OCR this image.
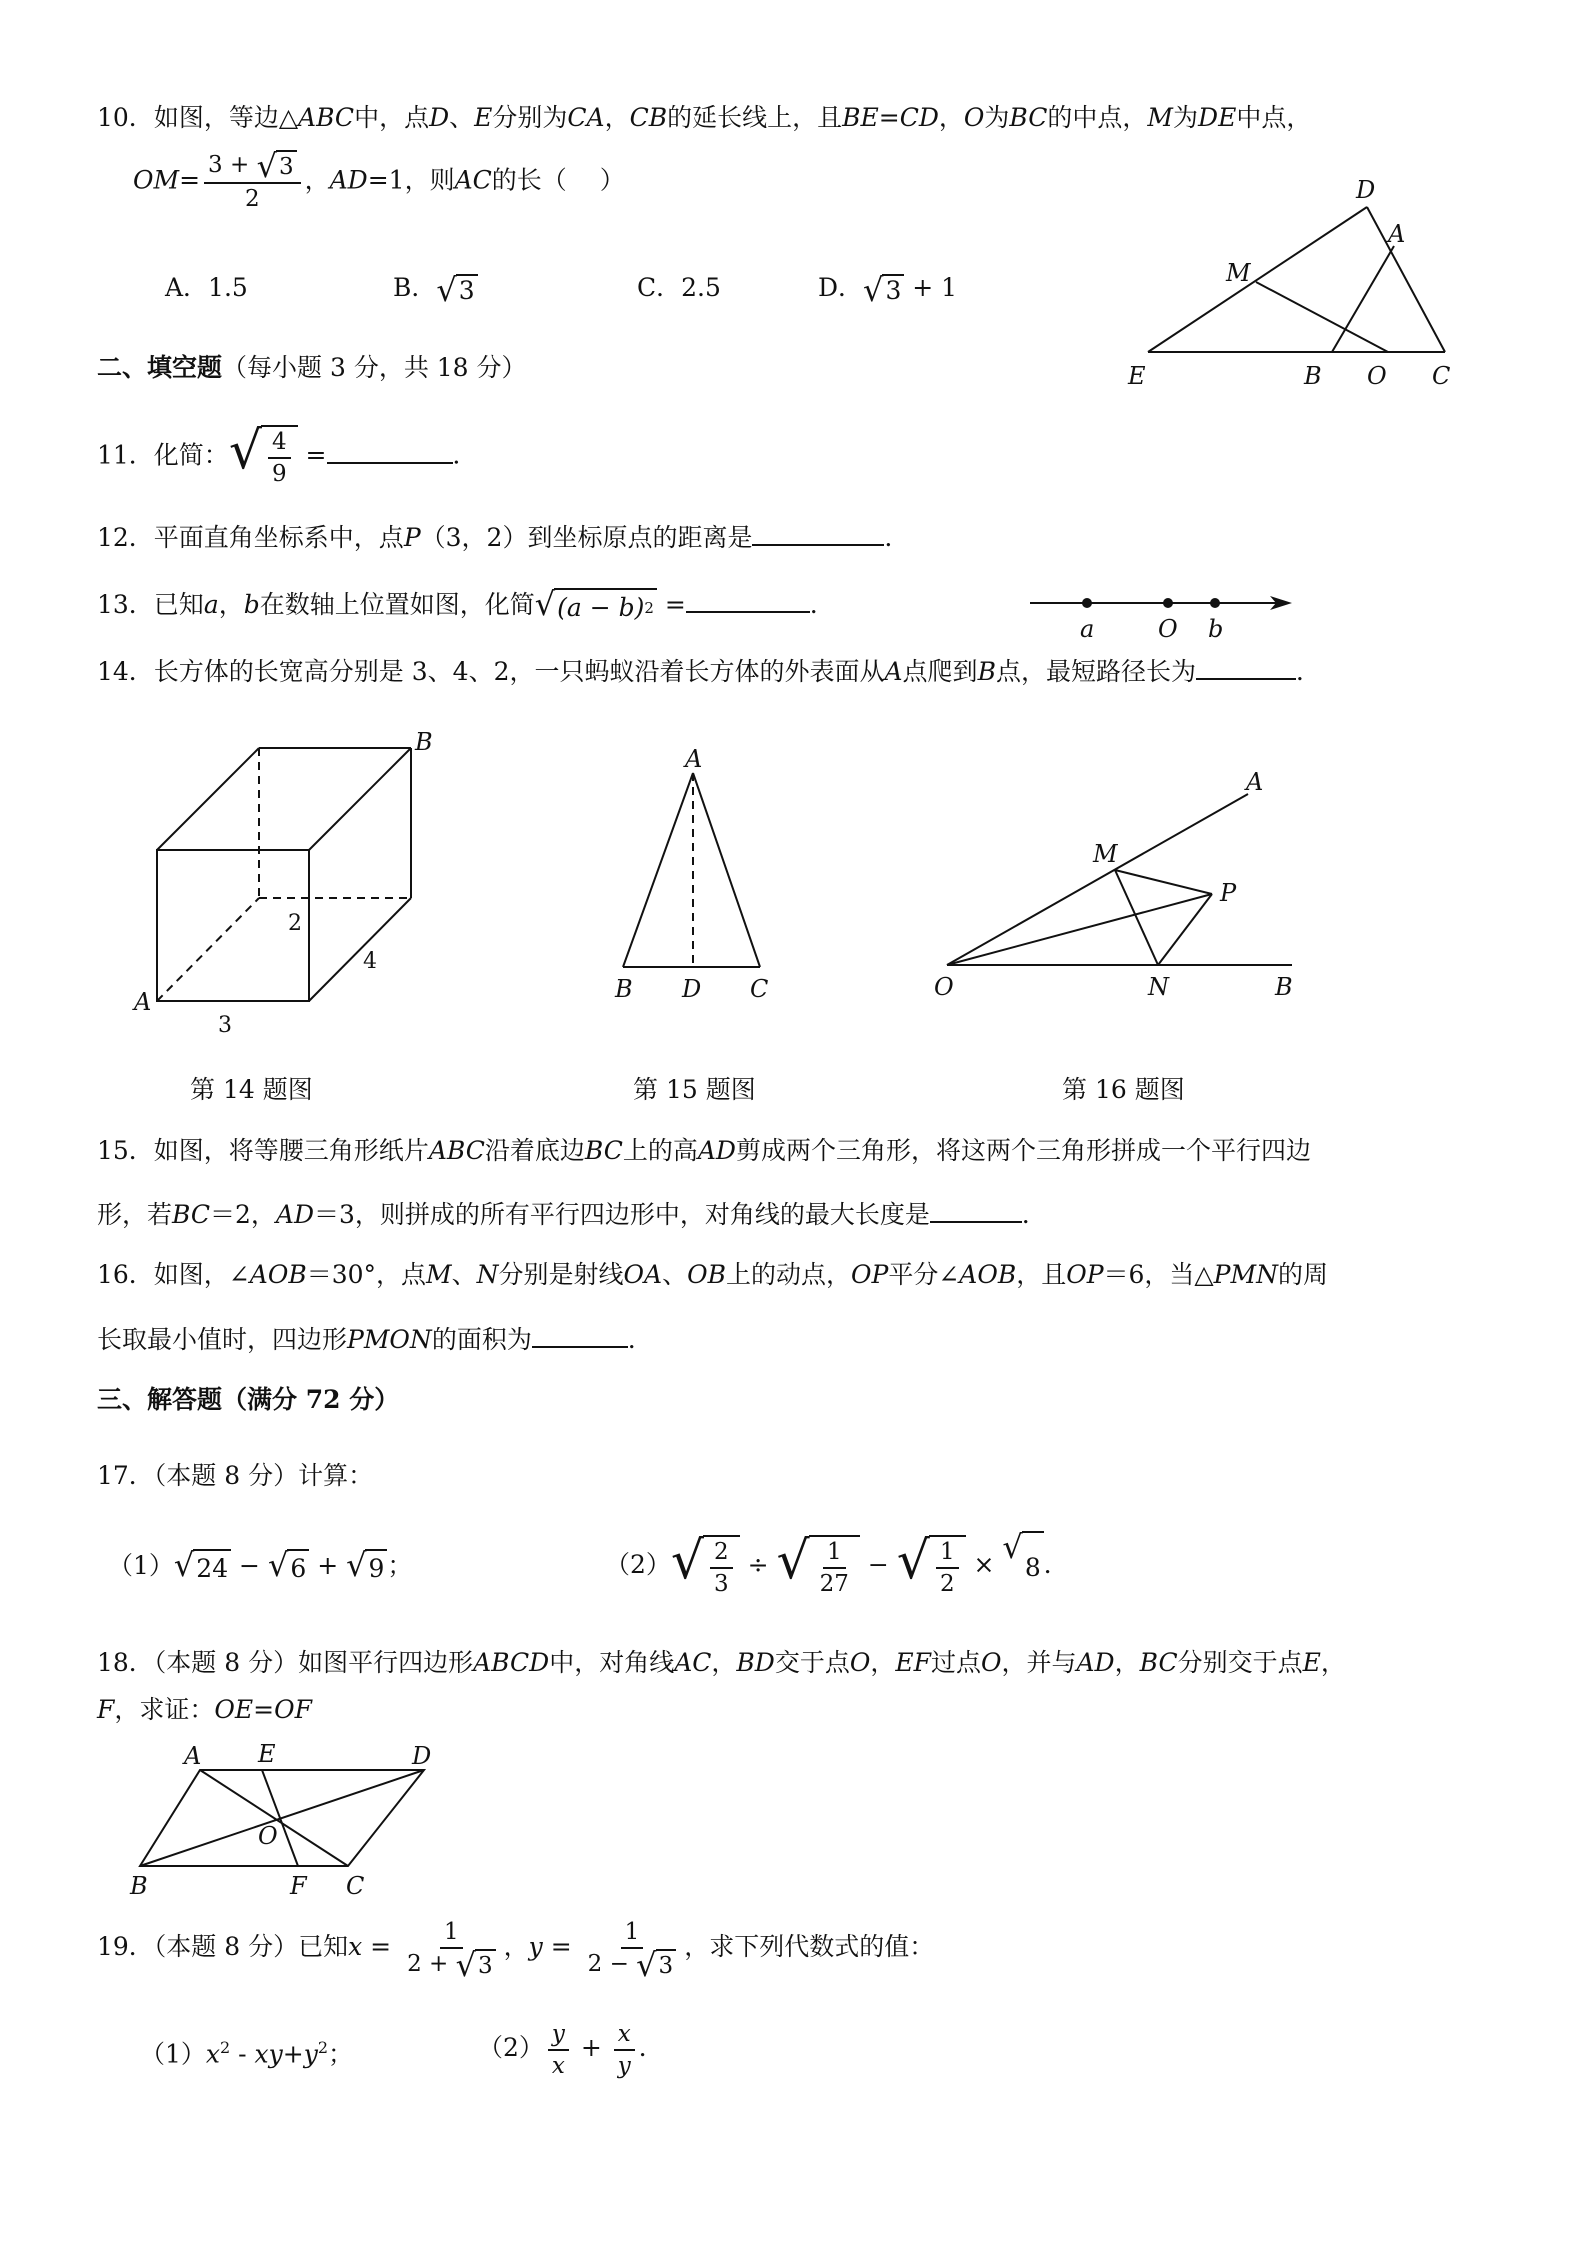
10．如图，等边△ABC中，点D、E分别为CA，CB的延长线上，且BE=CD，O为BC的中点，M为DE中点，
$OM= \frac{3 + √ 3}{2}$ ，AD=1，则AC的长（　 ）
A．1.5	B． √ 3	C．2.5	D． √ 3 + 1
D
A
M
E	B O C
二、填空题（每小题 3 分，共 18 分）
11．化简： √ $\frac{4}{9}$ =	．
12．平面直角坐标系中，点P（3，2）到坐标原点的距离是	．
13．已知a，b在数轴上位置如图，化简 √ (a − b) 2 =	．
a	O b
14．长方体的长宽高分别是 3、4、2，一只蚂蚁沿着长方体的外表面从A点爬到B点，最短路径长为	．
B
A
2
4
3
第 14 题图
A
B D C
第 15 题图
A
M
P
O	N	B
第 16 题图
15．如图，将等腰三角形纸片ABC沿着底边BC上的高AD剪成两个三角形，将这两个三角形拼成一个平行四边
形，若BC＝2，AD＝3，则拼成的所有平行四边形中，对角线的最大长度是	．
16．如图，∠AOB＝30°，点M、N分别是射线OA、OB上的动点，OP平分∠AOB，且OP＝6，当△PMN的周
长取最小值时，四边形PMON的面积为	．
三、解答题（满分 72 分）
17．（本题 8 分）计算：
（1） √ 24 − √ 6 + √ 9 ；	（2） √ $\frac{2}{3}$ ÷ √ $\frac{1}{27}$ − √ $\frac{1}{2}$ × √
8 ．
18．（本题 8 分）如图平行四边形ABCD中，对角线AC，BD交于点O，EF过点O，并与AD，BC分别交于点E，
F，求证：OE=OF
A E	D
O
B	F C
19．（本题 8 分）已知$x = \frac{1}{2 + √ 3}$ ，$y = \frac{1}{2 - √ 3}$ ，求下列代数式的值：
$(1)x^2 - xy+y^2$；	$(2) \frac{y}{x} + \frac{x}{y}$ ．
